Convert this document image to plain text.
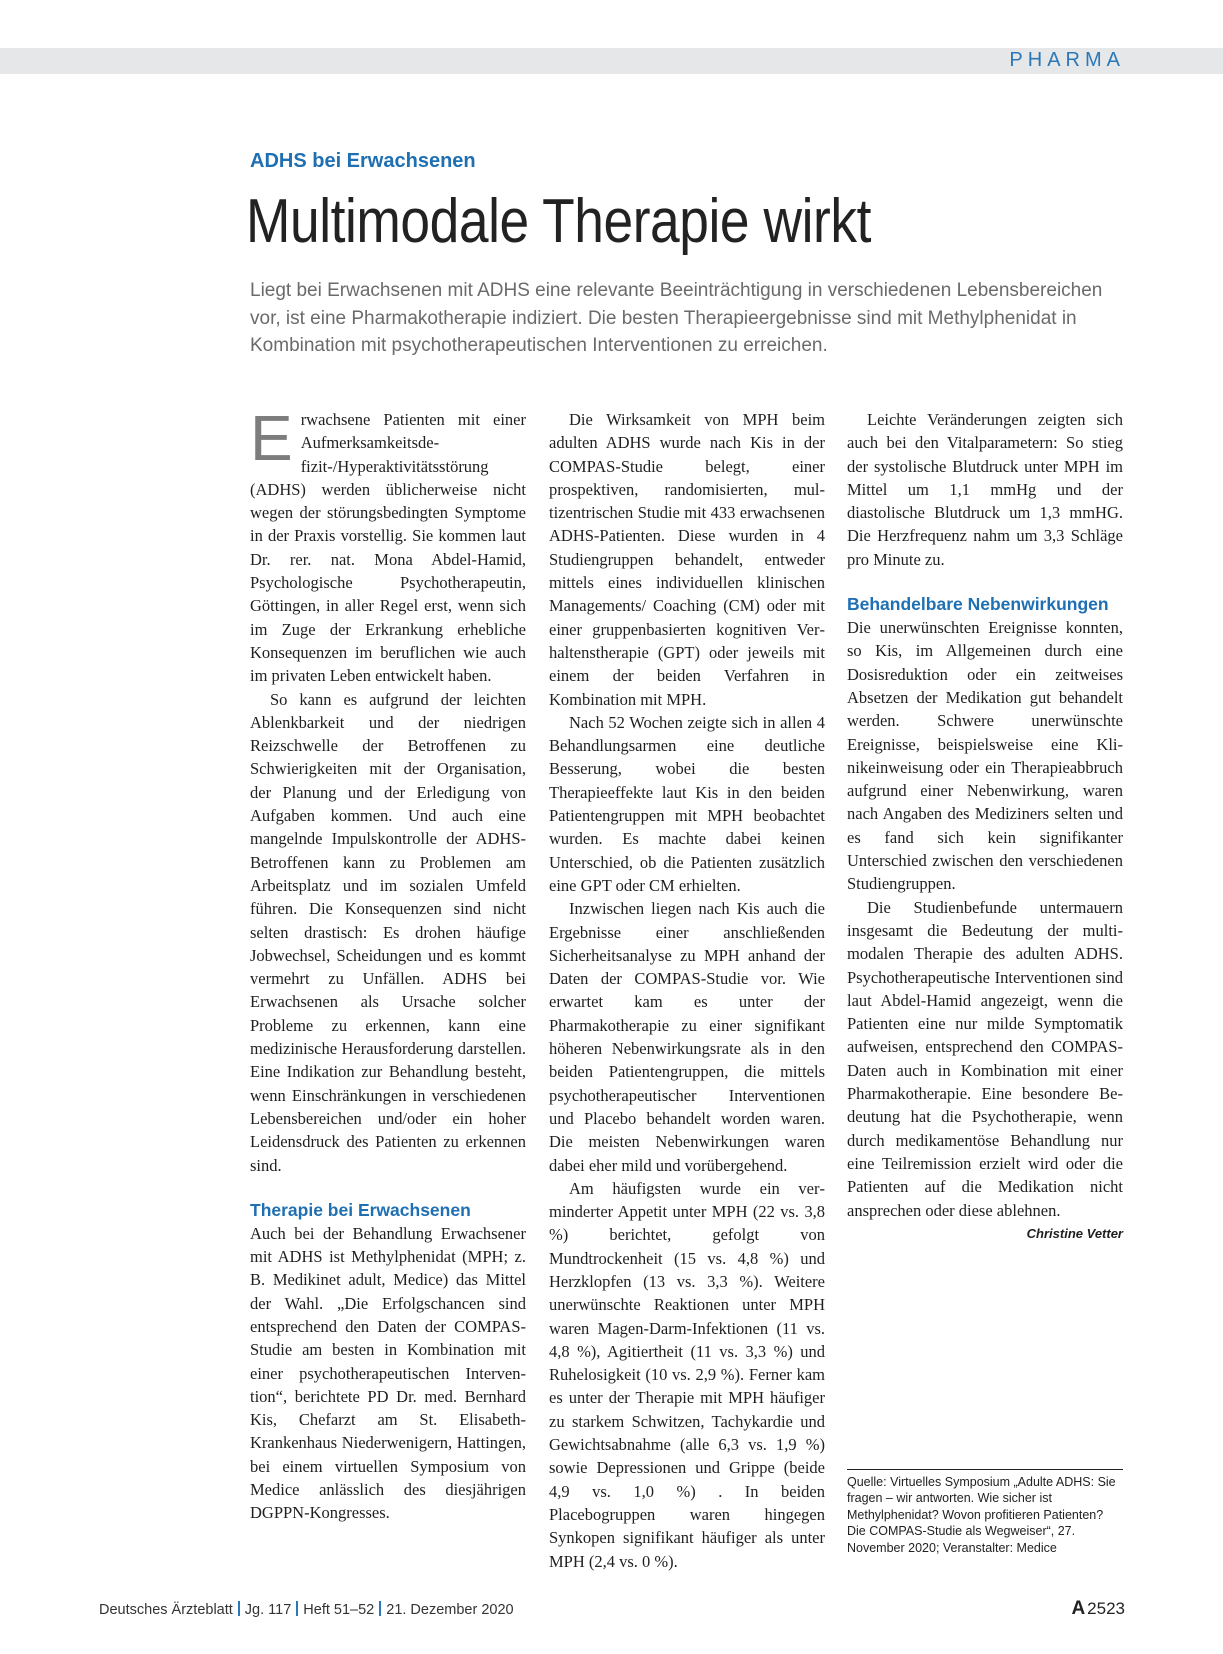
PHARMA
ADHS bei Erwachsenen
Multimodale Therapie wirkt

Liegt bei Erwachsenen mit ADHS eine relevante Beeinträchtigung in verschiedenen Lebensbereichen vor, ist eine Pharmakotherapie indiziert. Die besten Therapieergebnisse sind mit Methylphenidat in Kombination mit psychotherapeutischen Interventionen zu erreichen.

Erwachsene Patienten mit einer Aufmerksamkeitsdefizit-/Hyperaktivitätsstörung (ADHS) werden üblicherweise nicht wegen der störungsbedingten Symptome in der Praxis vorstellig. Sie kommen laut Dr. rer. nat. Mona Abdel-Hamid, Psychologische Psychotherapeutin, Göttingen, in aller Regel erst, wenn sich im Zuge der Erkrankung erhebliche Konsequenzen im beruflichen wie auch im privaten Leben entwickelt haben.

So kann es aufgrund der leichten Ablenkbarkeit und der niedrigen Reizschwelle der Betroffenen zu Schwierigkeiten mit der Organisation, der Planung und der Erledigung von Aufgaben kommen. Und auch eine mangelnde Impulskontrolle der ADHS-Betroffenen kann zu Problemen am Arbeitsplatz und im sozialen Umfeld führen. Die Konsequenzen sind nicht selten drastisch: Es drohen häufige Jobwechsel, Scheidungen und es kommt vermehrt zu Unfällen. ADHS bei Erwachsenen als Ursache solcher Probleme zu erkennen, kann eine medizinische Herausforderung darstellen. Eine Indikation zur Behandlung besteht, wenn Einschränkungen in verschiedenen Lebensbereichen und/oder ein hoher Leidensdruck des Patienten zu erkennen sind.

Therapie bei Erwachsenen

Auch bei der Behandlung Erwachsener mit ADHS ist Methylphenidat (MPH; z. B. Medikinet adult, Medice) das Mittel der Wahl. „Die Erfolgschancen sind entsprechend den Daten der COMPAS-Studie am besten in Kombination mit einer psychotherapeutischen Intervention“, berichtete PD Dr. med. Bernhard Kis, Chefarzt am St. Elisabeth-Krankenhaus Niederwenigern, Hattingen, bei einem virtuellen Symposium von Medice anlässlich des diesjährigen DGPPN-Kongresses.

Die Wirksamkeit von MPH beim adulten ADHS wurde nach Kis in der COMPAS-Studie belegt, einer prospektiven, randomisierten, multizentrischen Studie mit 433 erwachsenen ADHS-Patienten. Diese wurden in 4 Studiengruppen behandelt, entweder mittels eines individuellen klinischen Managements/ Coaching (CM) oder mit einer gruppenbasierten kognitiven Verhaltenstherapie (GPT) oder jeweils mit einem der beiden Verfahren in Kombination mit MPH.

Nach 52 Wochen zeigte sich in allen 4 Behandlungsarmen eine deutliche Besserung, wobei die besten Therapieeffekte laut Kis in den beiden Patientengruppen mit MPH beobachtet wurden. Es machte dabei keinen Unterschied, ob die Patienten zusätzlich eine GPT oder CM erhielten.

Inzwischen liegen nach Kis auch die Ergebnisse einer anschließenden Sicherheitsanalyse zu MPH anhand der Daten der COMPAS-Studie vor. Wie erwartet kam es unter der Pharmakotherapie zu einer signifikant höheren Nebenwirkungsrate als in den beiden Patientengruppen, die mittels psychotherapeutischer Interventionen und Placebo behandelt worden waren. Die meisten Nebenwirkungen waren dabei eher mild und vorübergehend.

Am häufigsten wurde ein verminderter Appetit unter MPH (22 vs. 3,8 %) berichtet, gefolgt von Mundtrockenheit (15 vs. 4,8 %) und Herzklopfen (13 vs. 3,3 %). Weitere unerwünschte Reaktionen unter MPH waren Magen-Darm-Infektionen (11 vs. 4,8 %), Agitiertheit (11 vs. 3,3 %) und Ruhelosigkeit (10 vs. 2,9 %). Ferner kam es unter der Therapie mit MPH häufiger zu starkem Schwitzen, Tachykardie und Gewichtsabnahme (alle 6,3 vs. 1,9 %) sowie Depressionen und Grippe (beide 4,9 vs. 1,0 %) . In beiden Placebogruppen waren hingegen Synkopen signifikant häufiger als unter MPH (2,4 vs. 0 %).

Leichte Veränderungen zeigten sich auch bei den Vitalparametern: So stieg der systolische Blutdruck unter MPH im Mittel um 1,1 mmHg und der diastolische Blutdruck um 1,3 mmHG. Die Herzfrequenz nahm um 3,3 Schläge pro Minute zu.

Behandelbare Nebenwirkungen

Die unerwünschten Ereignisse konnten, so Kis, im Allgemeinen durch eine Dosisreduktion oder ein zeitweises Absetzen der Medikation gut behandelt werden. Schwere unerwünschte Ereignisse, beispielsweise eine Klinikeinweisung oder ein Therapieabbruch aufgrund einer Nebenwirkung, waren nach Angaben des Mediziners selten und es fand sich kein signifikanter Unterschied zwischen den verschiedenen Studiengruppen.

Die Studienbefunde untermauern insgesamt die Bedeutung der multimodalen Therapie des adulten ADHS. Psychotherapeutische Interventionen sind laut Abdel-Hamid angezeigt, wenn die Patienten eine nur milde Symptomatik aufweisen, entsprechend den COMPAS-Daten auch in Kombination mit einer Pharmakotherapie. Eine besondere Bedeutung hat die Psychotherapie, wenn durch medikamentöse Behandlung nur eine Teilremission erzielt wird oder die Patienten auf die Medikation nicht ansprechen oder diese ablehnen.
Christine Vetter

Quelle: Virtuelles Symposium „Adulte ADHS: Sie fragen – wir antworten. Wie sicher ist Methylphenidat? Wovon profitieren Patienten? Die COMPAS-Studie als Wegweiser“, 27. November 2020; Veranstalter: Medice

Deutsches Ärzteblatt Jg. 117 Heft 51–52 21. Dezember 2020	A 2523
